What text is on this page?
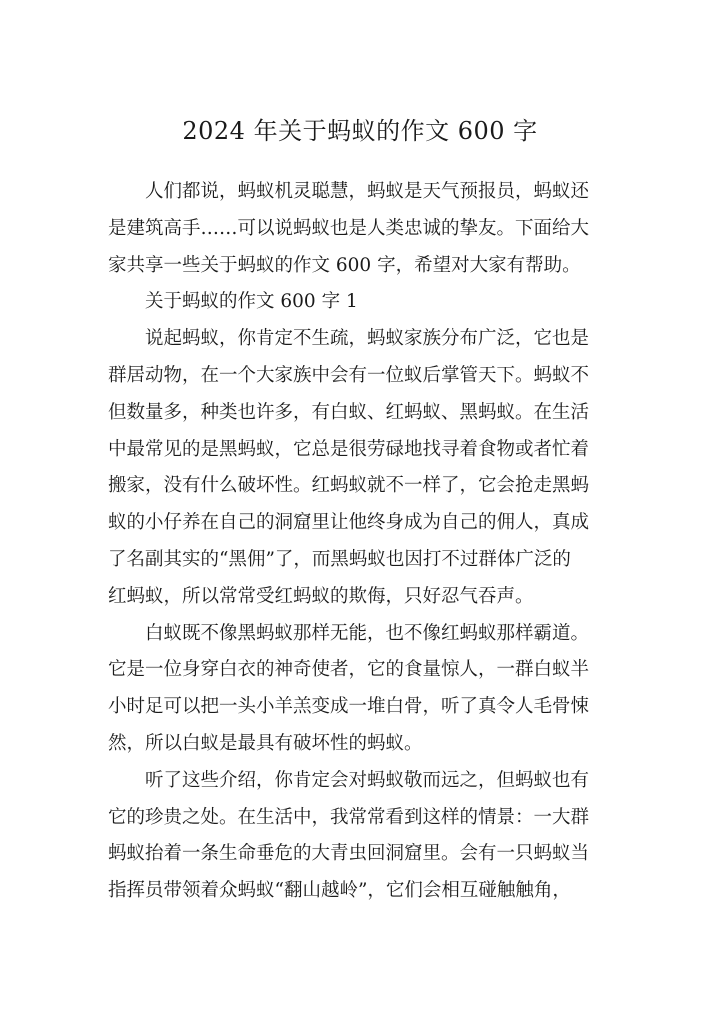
2024 年关于蚂蚁的作文 600 字

人们都说，蚂蚁机灵聪慧，蚂蚁是天气预报员，蚂蚁还
是建筑高手……可以说蚂蚁也是人类忠诚的挚友。下面给大
家共享一些关于蚂蚁的作文 600 字，希望对大家有帮助。

关于蚂蚁的作文 600 字 1

说起蚂蚁，你肯定不生疏，蚂蚁家族分布广泛，它也是
群居动物，在一个大家族中会有一位蚁后掌管天下。蚂蚁不
但数量多，种类也许多，有白蚁、红蚂蚁、黑蚂蚁。在生活
中最常见的是黑蚂蚁，它总是很劳碌地找寻着食物或者忙着
搬家，没有什么破坏性。红蚂蚁就不一样了，它会抢走黑蚂
蚁的小仔养在自己的洞窟里让他终身成为自己的佣人，真成
了名副其实的“黑佣”了，而黑蚂蚁也因打不过群体广泛的
红蚂蚁，所以常常受红蚂蚁的欺侮，只好忍气吞声。

白蚁既不像黑蚂蚁那样无能，也不像红蚂蚁那样霸道。
它是一位身穿白衣的神奇使者，它的食量惊人，一群白蚁半
小时足可以把一头小羊羔变成一堆白骨，听了真令人毛骨悚
然，所以白蚁是最具有破坏性的蚂蚁。

听了这些介绍，你肯定会对蚂蚁敬而远之，但蚂蚁也有
它的珍贵之处。在生活中，我常常看到这样的情景：一大群
蚂蚁抬着一条生命垂危的大青虫回洞窟里。会有一只蚂蚁当
指挥员带领着众蚂蚁“翻山越岭”，它们会相互碰触触角，
